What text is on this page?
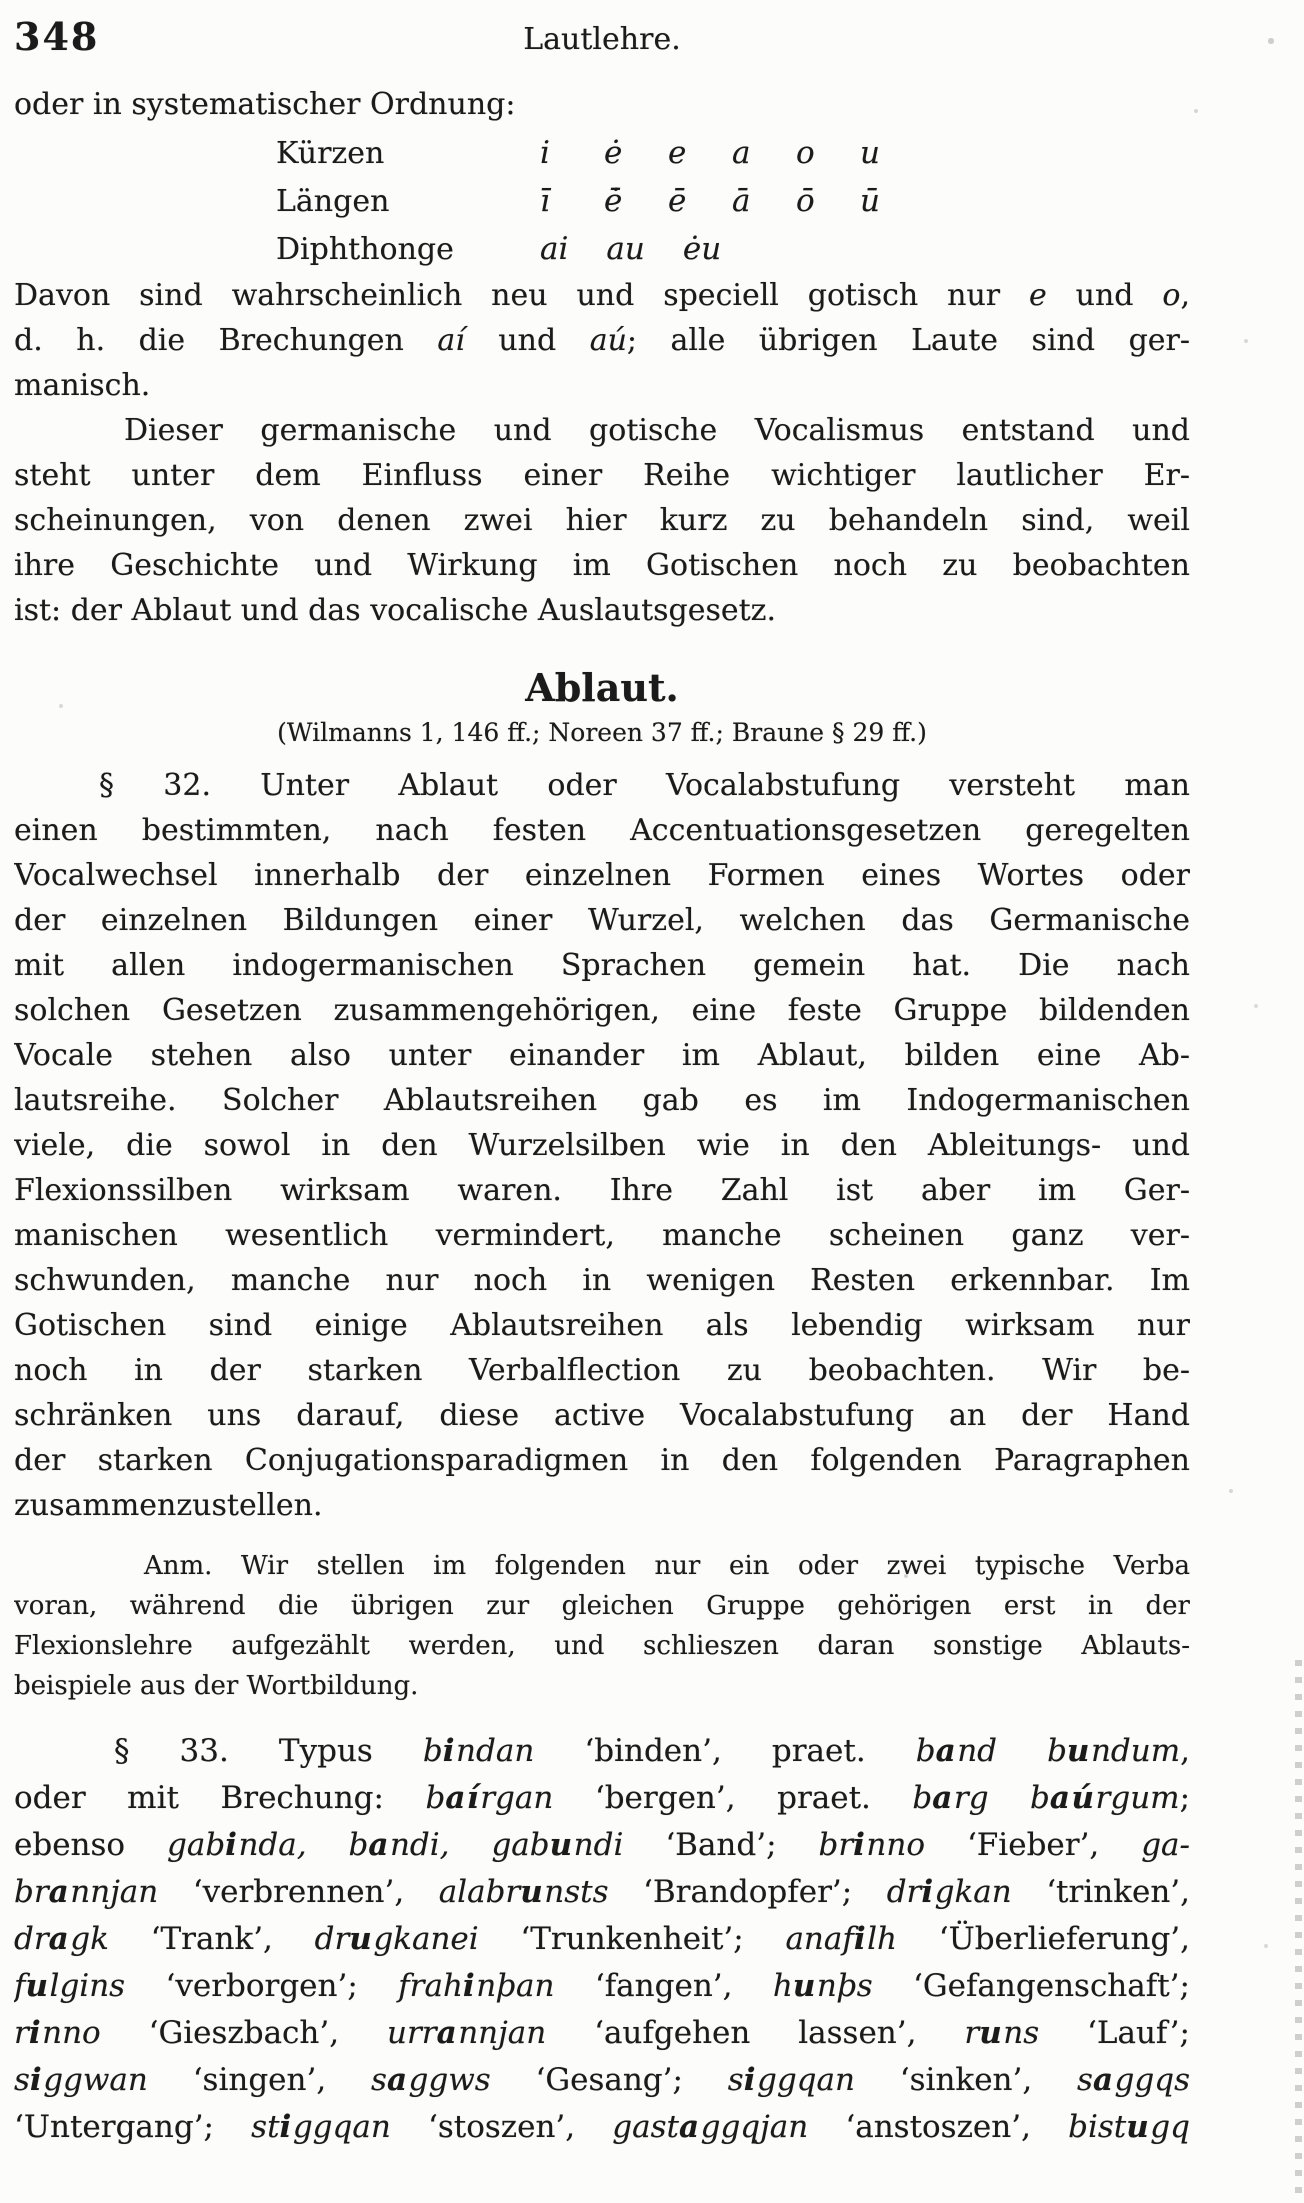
348	Lautlehre.
oder in systematischer Ordnung:
Kürzen	i ė e a o u
Längen	ī ė̄ ē ā ō ū
Diphthonge	ai au ėu
Davon sind wahrscheinlich neu und speciell gotisch nur e und o,
d. h. die Brechungen aí und aú; alle übrigen Laute sind ger-
manisch.
Dieser germanische und gotische Vocalismus entstand und
steht unter dem Einfluss einer Reihe wichtiger lautlicher Er-
scheinungen, von denen zwei hier kurz zu behandeln sind, weil
ihre Geschichte und Wirkung im Gotischen noch zu beobachten
ist: der Ablaut und das vocalische Auslautsgesetz.
Ablaut.
(Wilmanns 1, 146 ff.; Noreen 37 ff.; Braune § 29 ff.)
§ 32. Unter Ablaut oder Vocalabstufung versteht man
einen bestimmten, nach festen Accentuationsgesetzen geregelten
Vocalwechsel innerhalb der einzelnen Formen eines Wortes oder
der einzelnen Bildungen einer Wurzel, welchen das Germanische
mit allen indogermanischen Sprachen gemein hat. Die nach
solchen Gesetzen zusammengehörigen, eine feste Gruppe bildenden
Vocale stehen also unter einander im Ablaut, bilden eine Ab-
lautsreihe. Solcher Ablautsreihen gab es im Indogermanischen
viele, die sowol in den Wurzelsilben wie in den Ableitungs- und
Flexionssilben wirksam waren. Ihre Zahl ist aber im Ger-
manischen wesentlich vermindert, manche scheinen ganz ver-
schwunden, manche nur noch in wenigen Resten erkennbar. Im
Gotischen sind einige Ablautsreihen als lebendig wirksam nur
noch in der starken Verbalflection zu beobachten. Wir be-
schränken uns darauf, diese active Vocalabstufung an der Hand
der starken Conjugationsparadigmen in den folgenden Paragraphen
zusammenzustellen.
Anm. Wir stellen im folgenden nur ein oder zwei typische Verba
voran, während die übrigen zur gleichen Gruppe gehörigen erst in der
Flexionslehre aufgezählt werden, und schlieszen daran sonstige Ablauts-
beispiele aus der Wortbildung.
§ 33. Typus bindan ‘binden’, praet. band bundum,
oder mit Brechung: baírgan ‘bergen’, praet. barg baúrgum;
ebenso gabinda, bandi, gabundi ‘Band’; brinno ‘Fieber’, ga-
brannjan ‘verbrennen’, alabrunsts ‘Brandopfer’; drigkan ‘trinken’,
dragk ‘Trank’, drugkanei ‘Trunkenheit’; anafilh ‘Überlieferung’,
fulgins ‘verborgen’; frahinþan ‘fangen’, hunþs ‘Gefangenschaft’;
rinno ‘Gieszbach’, urrannjan ‘aufgehen lassen’, runs ‘Lauf’;
siggwan ‘singen’, saggws ‘Gesang’; siggqan ‘sinken’, saggqs
‘Untergang’; stiggqan ‘stoszen’, gastaggqjan ‘anstoszen’, bistugq
